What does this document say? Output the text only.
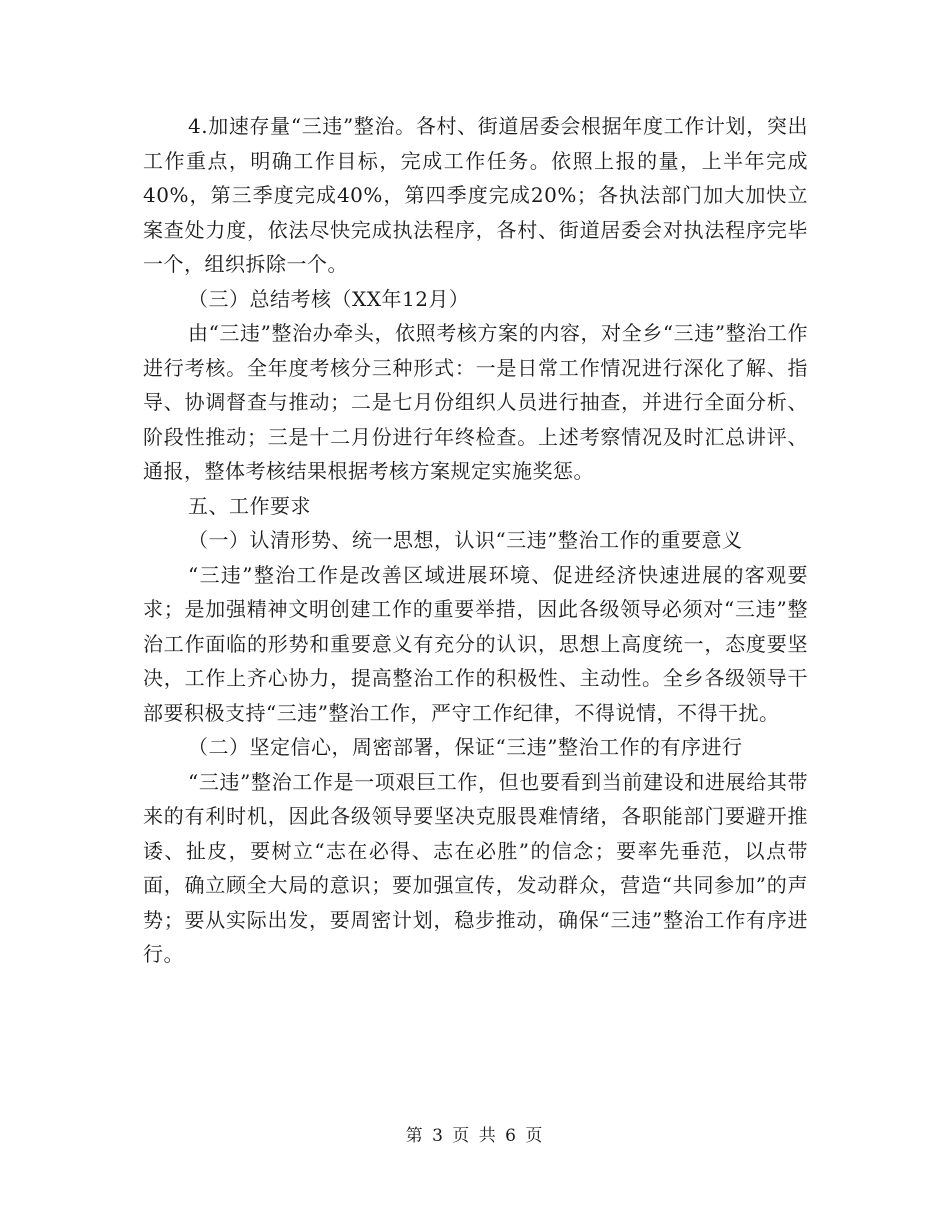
4.加速存量“三违”整治。各村、街道居委会根据年度工作计划，突出工作重点，明确工作目标，完成工作任务。依照上报的量，上半年完成40%，第三季度完成40%，第四季度完成20%；各执法部门加大加快立案查处力度，依法尽快完成执法程序，各村、街道居委会对执法程序完毕一个，组织拆除一个。

（三）总结考核（XX年12月）

由“三违”整治办牵头，依照考核方案的内容，对全乡“三违”整治工作进行考核。全年度考核分三种形式：一是日常工作情况进行深化了解、指导、协调督查与推动；二是七月份组织人员进行抽查，并进行全面分析、阶段性推动；三是十二月份进行年终检查。上述考察情况及时汇总讲评、通报，整体考核结果根据考核方案规定实施奖惩。

五、工作要求

（一）认清形势、统一思想，认识“三违”整治工作的重要意义

“三违”整治工作是改善区域进展环境、促进经济快速进展的客观要求；是加强精神文明创建工作的重要举措，因此各级领导必须对“三违”整治工作面临的形势和重要意义有充分的认识，思想上高度统一，态度要坚决，工作上齐心协力，提高整治工作的积极性、主动性。全乡各级领导干部要积极支持“三违”整治工作，严守工作纪律，不得说情，不得干扰。

（二）坚定信心，周密部署，保证“三违”整治工作的有序进行

“三违”整治工作是一项艰巨工作，但也要看到当前建设和进展给其带来的有利时机，因此各级领导要坚决克服畏难情绪，各职能部门要避开推诿、扯皮，要树立“志在必得、志在必胜”的信念；要率先垂范，以点带面，确立顾全大局的意识；要加强宣传，发动群众，营造“共同参加”的声势；要从实际出发，要周密计划，稳步推动，确保“三违”整治工作有序进行。

第 3 页 共 6 页
